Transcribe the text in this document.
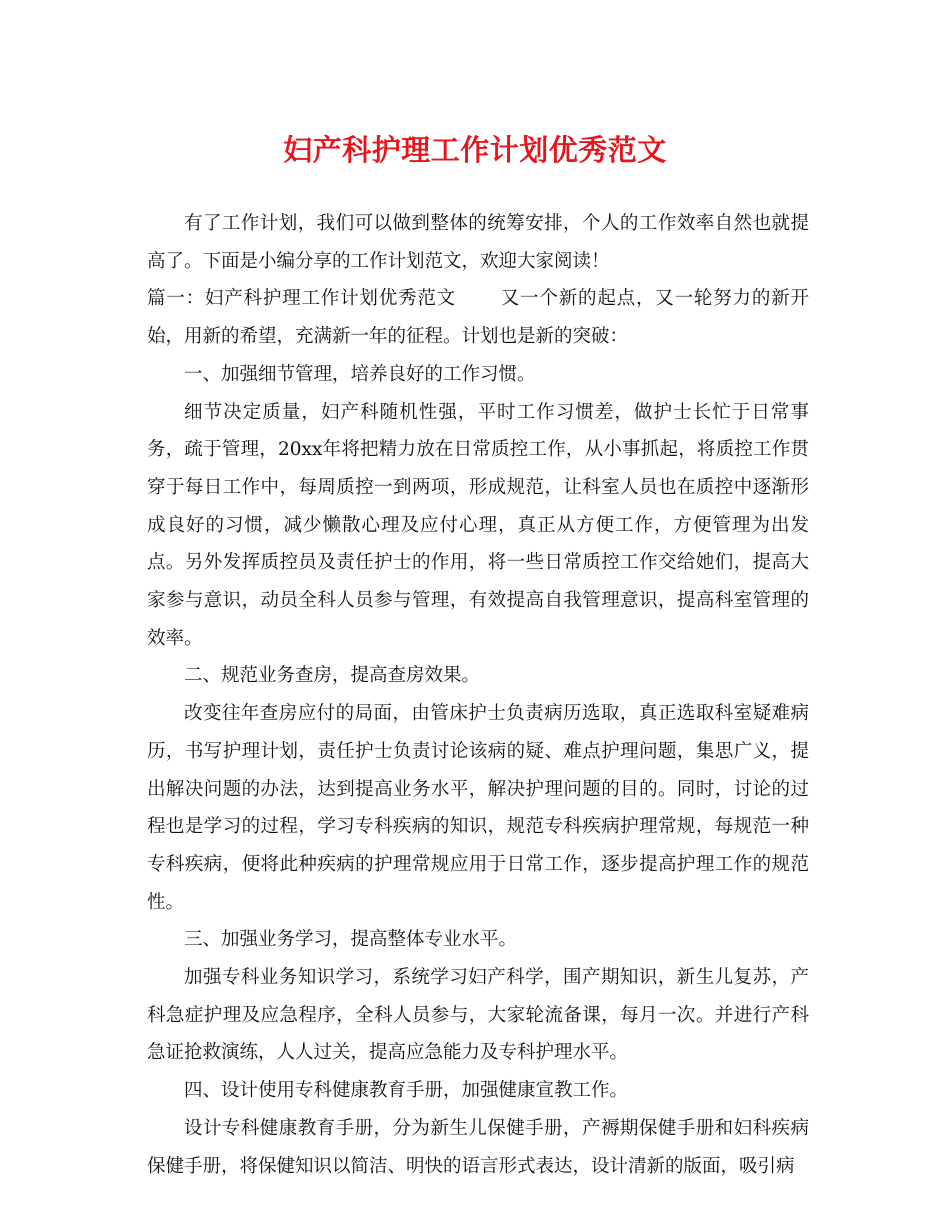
妇产科护理工作计划优秀范文

有了工作计划，我们可以做到整体的统筹安排，个人的工作效率自然也就提高了。下面是小编分享的工作计划范文，欢迎大家阅读！

篇一：妇产科护理工作计划优秀范文 又一个新的起点，又一轮努力的新开始，用新的希望，充满新一年的征程。计划也是新的突破：

一、加强细节管理，培养良好的工作习惯。

细节决定质量，妇产科随机性强，平时工作习惯差，做护士长忙于日常事务，疏于管理，20xx年将把精力放在日常质控工作，从小事抓起，将质控工作贯穿于每日工作中，每周质控一到两项，形成规范，让科室人员也在质控中逐渐形成良好的习惯，减少懒散心理及应付心理，真正从方便工作，方便管理为出发点。另外发挥质控员及责任护士的作用，将一些日常质控工作交给她们，提高大家参与意识，动员全科人员参与管理，有效提高自我管理意识，提高科室管理的效率。

二、规范业务查房，提高查房效果。

改变往年查房应付的局面，由管床护士负责病历选取，真正选取科室疑难病历，书写护理计划，责任护士负责讨论该病的疑、难点护理问题，集思广义，提出解决问题的办法，达到提高业务水平，解决护理问题的目的。同时，讨论的过程也是学习的过程，学习专科疾病的知识，规范专科疾病护理常规，每规范一种专科疾病，便将此种疾病的护理常规应用于日常工作，逐步提高护理工作的规范性。

三、加强业务学习，提高整体专业水平。

加强专科业务知识学习，系统学习妇产科学，围产期知识，新生儿复苏，产科急症护理及应急程序，全科人员参与，大家轮流备课，每月一次。并进行产科急证抢救演练，人人过关，提高应急能力及专科护理水平。

四、设计使用专科健康教育手册，加强健康宣教工作。

设计专科健康教育手册，分为新生儿保健手册，产褥期保健手册和妇科疾病保健手册，将保健知识以简洁、明快的语言形式表达，设计清新的版面，吸引病
